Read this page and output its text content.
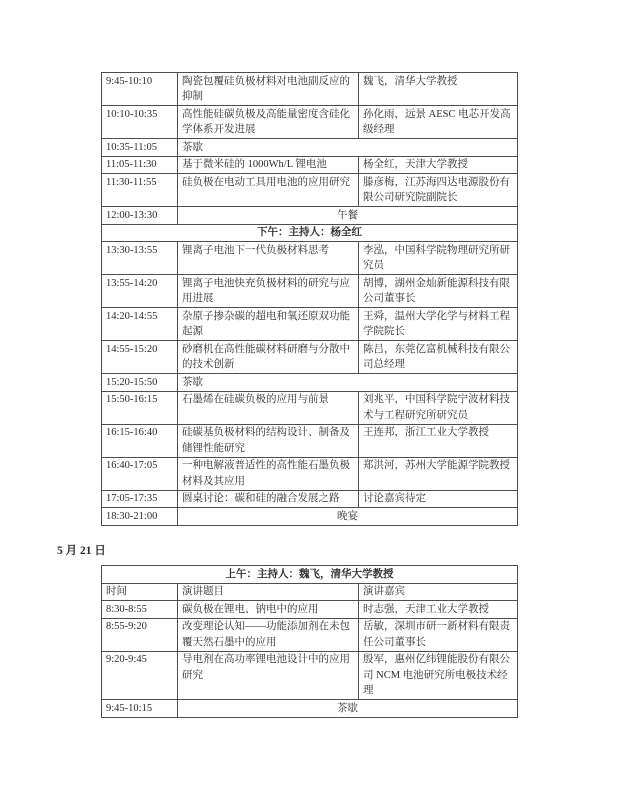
9:45-10:10	陶瓷包覆硅负极材料对电池副反应的抑制	魏飞，清华大学教授
10:10-10:35	高性能硅碳负极及高能量密度含硅化学体系开发进展	孙化雨，远景 AESC 电芯开发高级经理
10:35-11:05	茶歇	
11:05-11:30	基于微米硅的 1000Wh/L 锂电池	杨全红，天津大学教授
11:30-11:55	硅负极在电动工具用电池的应用研究	滕彦梅，江苏海四达电源股份有限公司研究院副院长
12:00-13:30	午餐	
下午：主持人：杨全红		
13:30-13:55	锂离子电池下一代负极材料思考	李泓，中国科学院物理研究所研究员
13:55-14:20	锂离子电池快充负极材料的研究与应用进展	胡博，湖州金灿新能源科技有限公司董事长
14:20-14:55	杂原子掺杂碳的超电和氧还原双功能起源	王舜，温州大学化学与材料工程学院院长
14:55-15:20	砂磨机在高性能碳材料研磨与分散中的技术创新	陈吕，东莞亿富机械科技有限公司总经理
15:20-15:50	茶歇	
15:50-16:15	石墨烯在硅碳负极的应用与前景	刘兆平，中国科学院宁波材料技术与工程研究所研究员
16:15-16:40	硅碳基负极材料的结构设计、制备及储锂性能研究	王连邦，浙江工业大学教授
16:40-17:05	一种电解液普适性的高性能石墨负极材料及其应用	郑洪河，苏州大学能源学院教授
17:05-17:35	圆桌讨论：碳和硅的融合发展之路	讨论嘉宾待定
18:30-21:00	晚宴	
5 月 21 日
上午：主持人：魏飞，清华大学教授		
时间	演讲题目	演讲嘉宾
8:30-8:55	碳负极在锂电、钠电中的应用	时志强，天津工业大学教授
8:55-9:20	改变理论认知——功能添加剂在未包覆天然石墨中的应用	岳敏，深圳市研一新材料有限责任公司董事长
9:20-9:45	导电剂在高功率锂电池设计中的应用研究	殷军，惠州亿纬锂能股份有限公司 NCM 电池研究所电极技术经理
9:45-10:15	茶歇	
